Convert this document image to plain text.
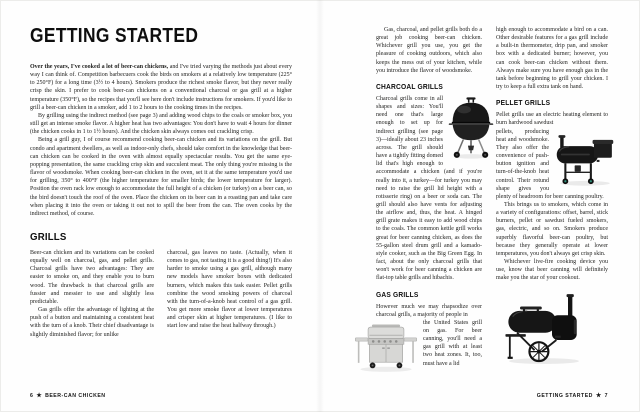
GETTING STARTED

Over the years, I've cooked a lot of beer-can chickens, and I've tried varying the methods just about every way I can think of. Competition barbecuers cook the birds on smokers at a relatively low temperature (225° to 250°F) for a long time (3½ to 4 hours). Smokers produce the richest smoke flavor, but they never really crisp the skin. I prefer to cook beer-can chickens on a conventional charcoal or gas grill at a higher temperature (350°F), so the recipes that you'll see here don't include instructions for smokers. If you'd like to grill a beer-can chicken in a smoker, add 1 to 2 hours to the cooking times in the recipes.

By grilling using the indirect method (see page 3) and adding wood chips to the coals or smoker box, you still get an intense smoke flavor. A higher heat has two advantages: You don't have to wait 4 hours for dinner (the chicken cooks in 1 to 1½ hours). And the chicken skin always comes out crackling crisp.

Being a grill guy, I of course recommend cooking beer-can chicken and its variations on the grill. But condo and apartment dwellers, as well as indoor-only chefs, should take comfort in the knowledge that beer-can chicken can be cooked in the oven with almost equally spectacular results. You get the same eye-popping presentation, the same crackling crisp skin and succulent meat. The only thing you're missing is the flavor of woodsmoke. When cooking beer-can chicken in the oven, set it at the same temperature you'd use for grilling, 350° to 400°F (the higher temperature for smaller birds; the lower temperature for larger). Position the oven rack low enough to accommodate the full height of a chicken (or turkey) on a beer can, so the bird doesn't touch the roof of the oven. Place the chicken on its beer can in a roasting pan and take care when placing it into the oven or taking it out not to spill the beer from the can. The oven cooks by the indirect method, of course.

GRILLS

Beer-can chicken and its variations can be cooked equally well on charcoal, gas, and pellet grills. Charcoal grills have two advantages: They are easier to smoke on, and they enable you to burn wood. The drawback is that charcoal grills are fussier and messier to use and slightly less predictable.

Gas grills offer the advantage of lighting at the push of a button and maintaining a consistent heat with the turn of a knob. Their chief disadvantage is slightly diminished flavor; for unlike

charcoal, gas leaves no taste. (Actually, when it comes to gas, not tasting it is a good thing!) It's also harder to smoke using a gas grill, although many new models have smoker boxes with dedicated burners, which makes this task easier. Pellet grills combine the wood smoking powers of charcoal with the turn-of-a-knob heat control of a gas grill. You get more smoke flavor at lower temperatures and crisper skin at higher temperatures. (I like to start low and raise the heat halfway through.)

6 ★ BEER-CAN CHICKEN

Gas, charcoal, and pellet grills both do a great job cooking beer-can chicken. Whichever grill you use, you get the pleasure of cooking outdoors, which also keeps the mess out of your kitchen, while you introduce the flavor of woodsmoke.

CHARCOAL GRILLS

Charcoal grills come in all shapes and sizes: You'll need one that's large enough to set up for indirect grilling (see page 3)—ideally about 23 inches across. The grill should have a tightly fitting domed lid that's high enough to accommodate a chicken (and if you're really into it, a turkey—for turkey you may need to raise the grill lid height with a rotisserie ring) on a beer or soda can. The grill should also have vents for adjusting the airflow and, thus, the heat. A hinged grill grate makes it easy to add wood chips to the coals. The common kettle grill works great for beer canning chicken, as does the 55-gallon steel drum grill and a kamado-style cooker, such as the Big Green Egg. In fact, about the only charcoal grills that won't work for beer canning a chicken are flat-top table grills and hibachis.

GAS GRILLS

However much we may rhapsodize over charcoal grills, a majority of people in

the United States grill on gas. For beer canning, you'll need a gas grill with at least two heat zones. It, too, must have a lid

high enough to accommodate a bird on a can. Other desirable features for a gas grill include a built-in thermometer, drip pan, and smoker box with a dedicated burner; however, you can cook beer-can chicken without them. Always make sure you have enough gas in the tank before beginning to grill your chicken. I try to keep a full extra tank on hand.

PELLET GRILLS

Pellet grills use an electric heating element to burn hardwood sawdust

pellets, producing heat and woodsmoke. They also offer the convenience of push-button ignition and turn-of-the-knob heat control. Their rotund shape gives you plenty of headroom for beer canning poultry.

This brings us to smokers, which come in a variety of configurations: offset, barrel, stick burners, pellet or sawdust fueled smokers, gas, electric, and so on. Smokers produce superbly flavorful beer-can poultry, but because they generally operate at lower temperatures, you don't always get crisp skin.

Whichever live-fire cooking device you use, know that beer canning will definitely make you the star of your cookout.

GETTING STARTED ★ 7
